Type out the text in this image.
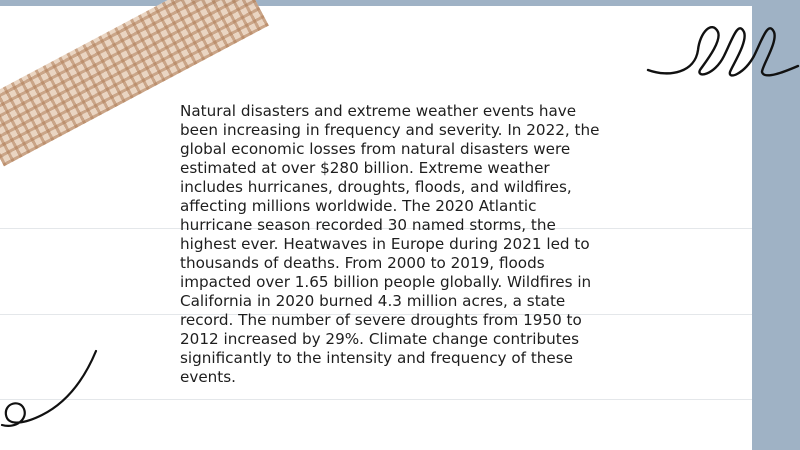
Natural disasters and extreme weather events have been increasing in frequency and severity. In 2022, the global economic losses from natural disasters were estimated at over $280 billion. Extreme weather includes hurricanes, droughts, floods, and wildfires, affecting millions worldwide. The 2020 Atlantic hurricane season recorded 30 named storms, the highest ever. Heatwaves in Europe during 2021 led to thousands of deaths. From 2000 to 2019, floods impacted over 1.65 billion people globally. Wildfires in California in 2020 burned 4.3 million acres, a state record. The number of severe droughts from 1950 to 2012 increased by 29%. Climate change contributes significantly to the intensity and frequency of these events.
